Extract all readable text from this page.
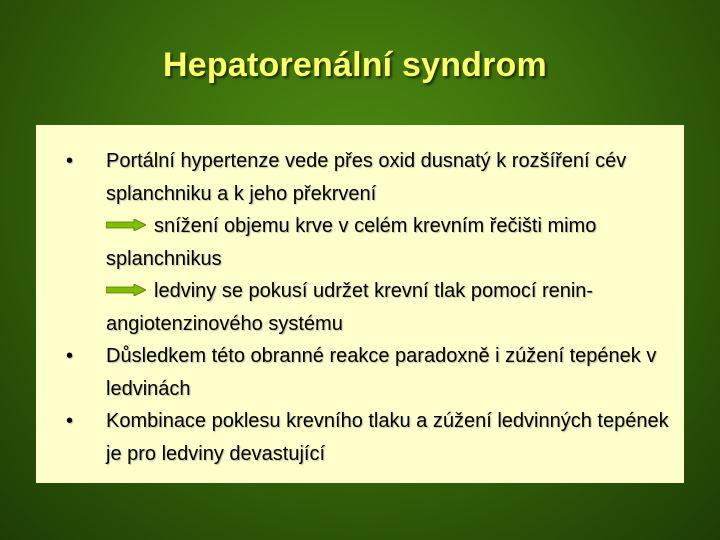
Hepatorenální syndrom
•	Portální hypertenze vede přes oxid dusnatý k rozšíření cév splanchniku a k jeho překrvení
snížení objemu krve v celém krevním řečišti mimo splanchnikus
ledviny se pokusí udržet krevní tlak pomocí renin-angiotenzinového systému
•	Důsledkem této obranné reakce paradoxně i zúžení tepének v ledvinách
•	Kombinace poklesu krevního tlaku a zúžení ledvinných tepének je pro ledviny devastující
